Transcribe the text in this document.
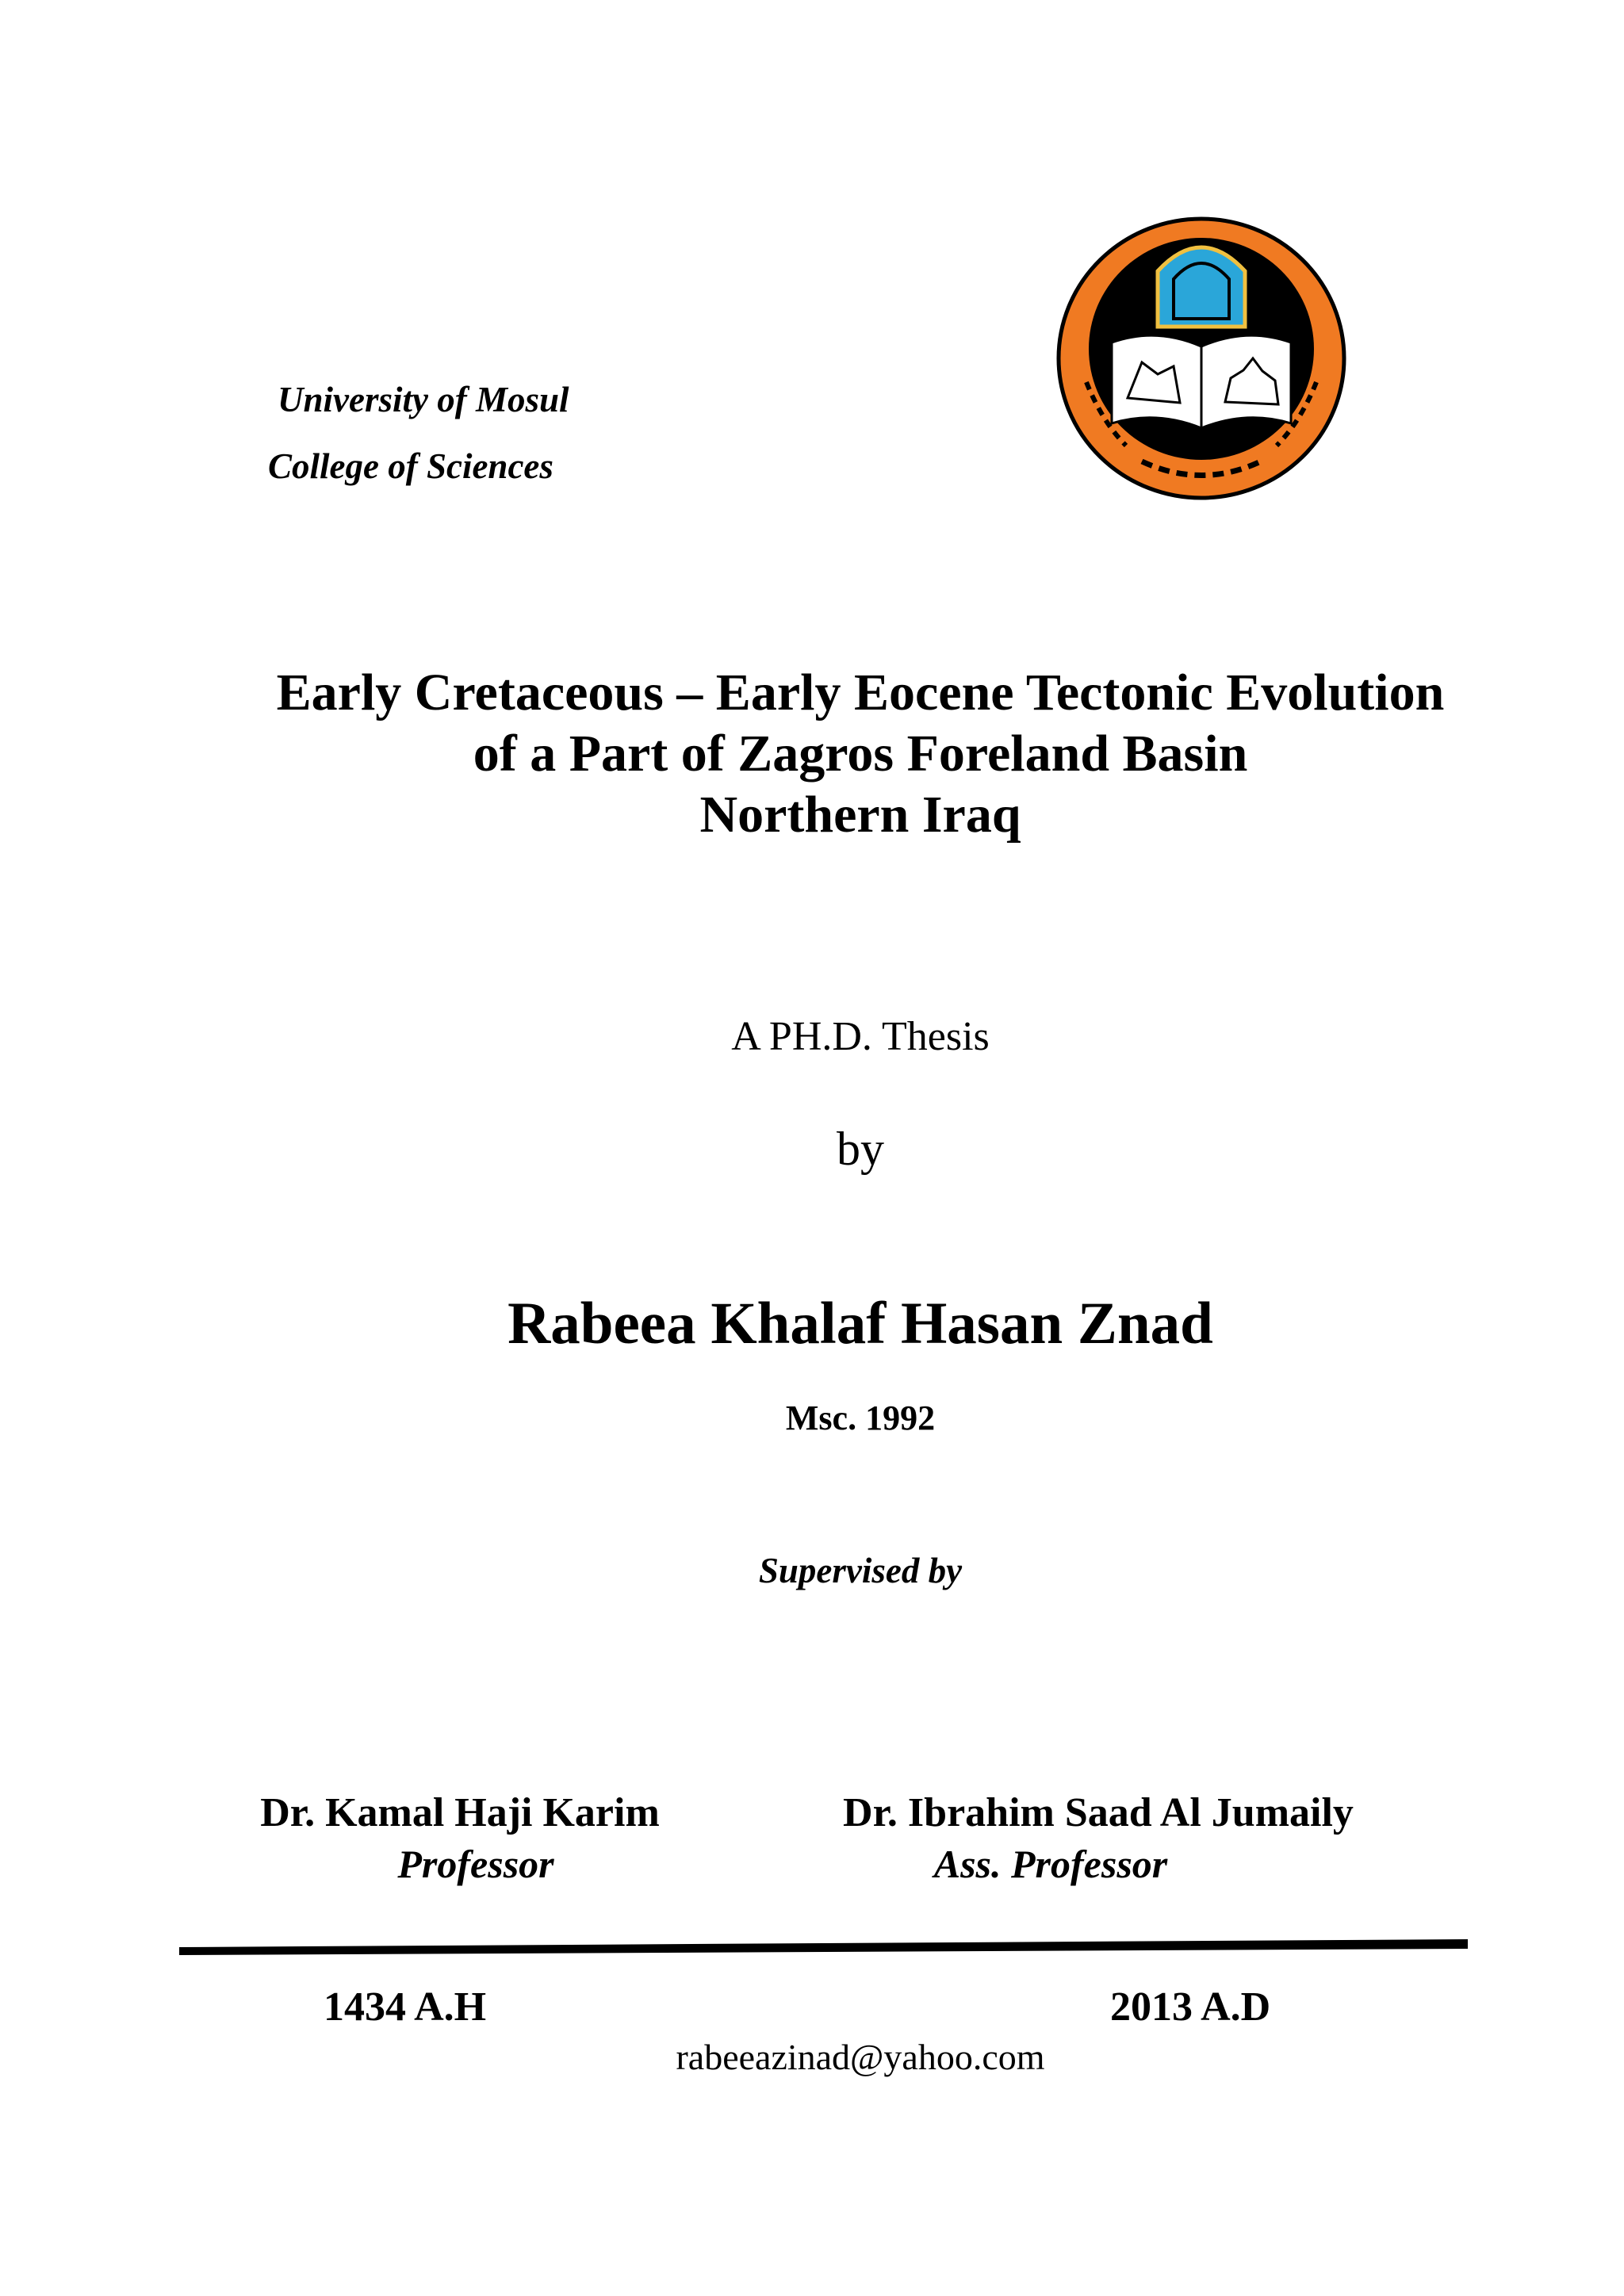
University of Mosul
College of Sciences
Early Cretaceous – Early Eocene Tectonic Evolution
of a Part of Zagros Foreland Basin
Northern Iraq
A PH.D. Thesis
by
Rabeea Khalaf Hasan Znad
Msc. 1992
Supervised by
Dr. Kamal Haji Karim
Professor
Dr. Ibrahim Saad Al Jumaily
Ass. Professor
1434 A.H	2013 A.D
rabeeazinad@yahoo.com
